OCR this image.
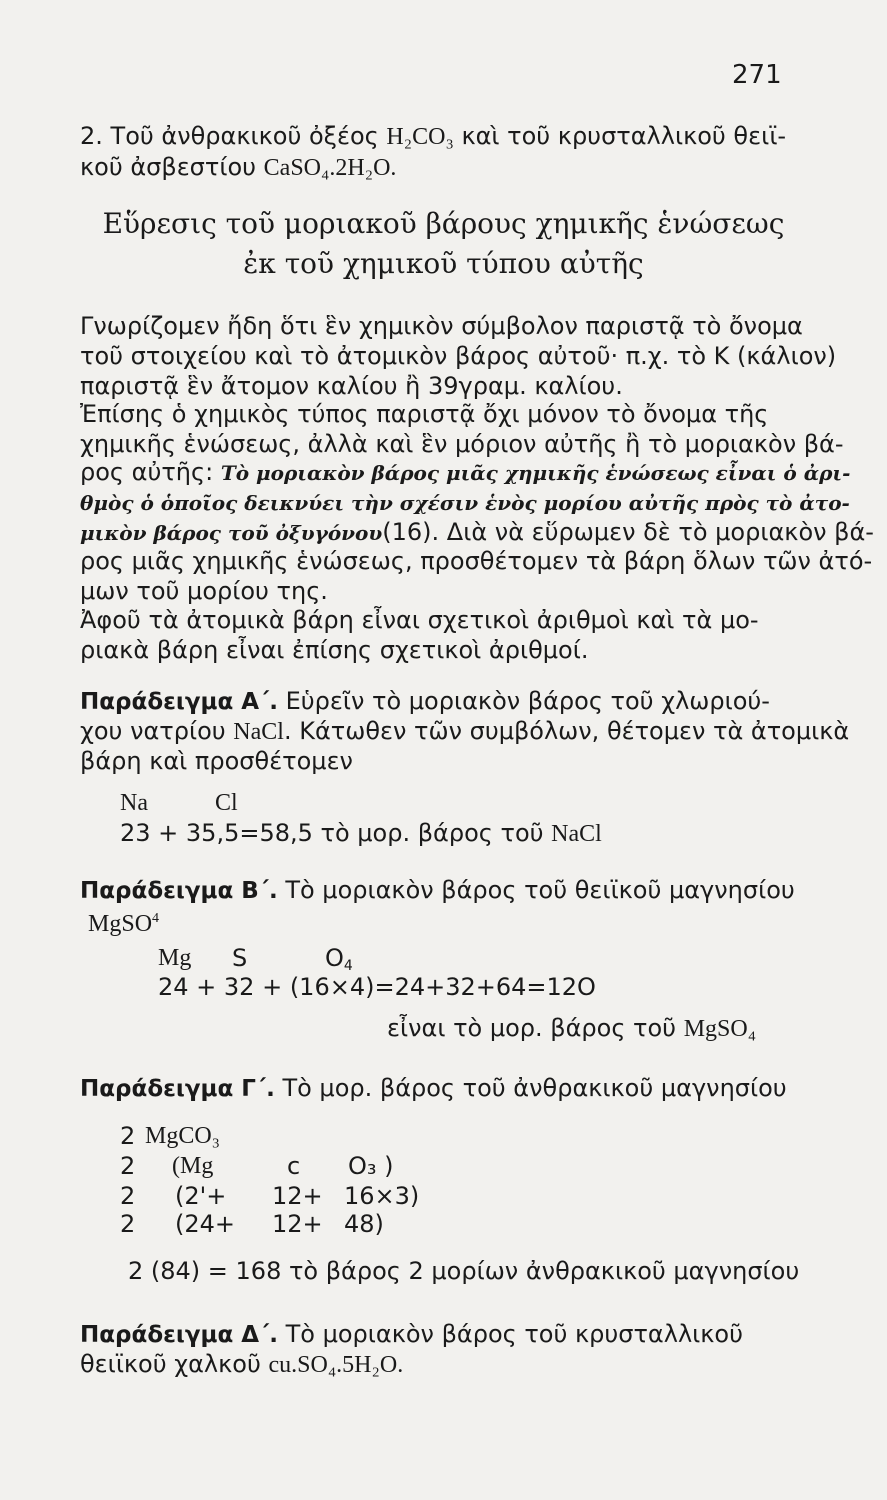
271
2. Τοῦ ἀνθρακικοῦ ὀξέος H₂CO₃ καὶ τοῦ κρυσταλλικοῦ θειϊ-
κοῦ ἀσβεστίου CaSO₄.2H₂O.
Εὕρεσις τοῦ μοριακοῦ βάρους χημικῆς ἑνώσεως
ἐκ τοῦ χημικοῦ τύπου αὐτῆς
Γνωρίζομεν ἤδη ὅτι ἓν χημικὸν σύμβολον παριστᾷ τὸ ὄνομα
τοῦ στοιχείου καὶ τὸ ἀτομικὸν βάρος αὐτοῦ· π.χ. τὸ Κ (κάλιον)
παριστᾷ ἓν ἄτομον καλίου ἢ 39γραμ. καλίου.
Ἐπίσης ὁ χημικὸς τύπος παριστᾷ ὄχι μόνον τὸ ὄνομα τῆς
χημικῆς ἑνώσεως, ἀλλὰ καὶ ἓν μόριον αὐτῆς ἢ τὸ μοριακὸν βά-
ρος αὐτῆς: Τὸ μοριακὸν βάρος μιᾶς χημικῆς ἑνώσεως εἶναι ὁ ἀρι-
θμὸς ὁ ὁποῖος δεικνύει τὴν σχέσιν ἑνὸς μορίου αὐτῆς πρὸς τὸ ἀτο-
μικὸν βάρος τοῦ ὀξυγόνου(16). Διὰ νὰ εὕρωμεν δὲ τὸ μοριακὸν βά-
ρος μιᾶς χημικῆς ἑνώσεως, προσθέτομεν τὰ βάρη ὅλων τῶν ἀτό-
μων τοῦ μορίου της.
Ἀφοῦ τὰ ἀτομικὰ βάρη εἶναι σχετικοὶ ἀριθμοὶ καὶ τὰ μο-
ριακὰ βάρη εἶναι ἐπίσης σχετικοὶ ἀριθμοί.
Παράδειγμα Α΄. Εὑρεῖν τὸ μοριακὸν βάρος τοῦ χλωριού-
χου νατρίου NaCl. Κάτωθεν τῶν συμβόλων, θέτομεν τὰ ἀτομικὰ
βάρη καὶ προσθέτομεν
Na	Cl
23 + 35,5=58,5 τὸ μορ. βάρος τοῦ NaCl
Παράδειγμα Β΄. Τὸ μοριακὸν βάρος τοῦ θειϊκοῦ μαγνησίου
MgSO$^4$
Mg S	$O_4$
24 + 32 + (16×4)=24+32+64=12O
εἶναι τὸ μορ. βάρος τοῦ MgSO₄
Παράδειγμα Γ΄. Τὸ μορ. βάρος τοῦ ἀνθρακικοῦ μαγνησίου
2 MgCO₃
2 (Mg	c O₃ )
2 (2'+ 12+ 16×3)
2 (24+ 12+ 48)
2 (84) = 168 τὸ βάρος 2 μορίων ἀνθρακικοῦ μαγνησίου
Παράδειγμα Δ΄. Τὸ μοριακὸν βάρος τοῦ κρυσταλλικοῦ
θειϊκοῦ χαλκοῦ cu.SO₄.5H₂O.
